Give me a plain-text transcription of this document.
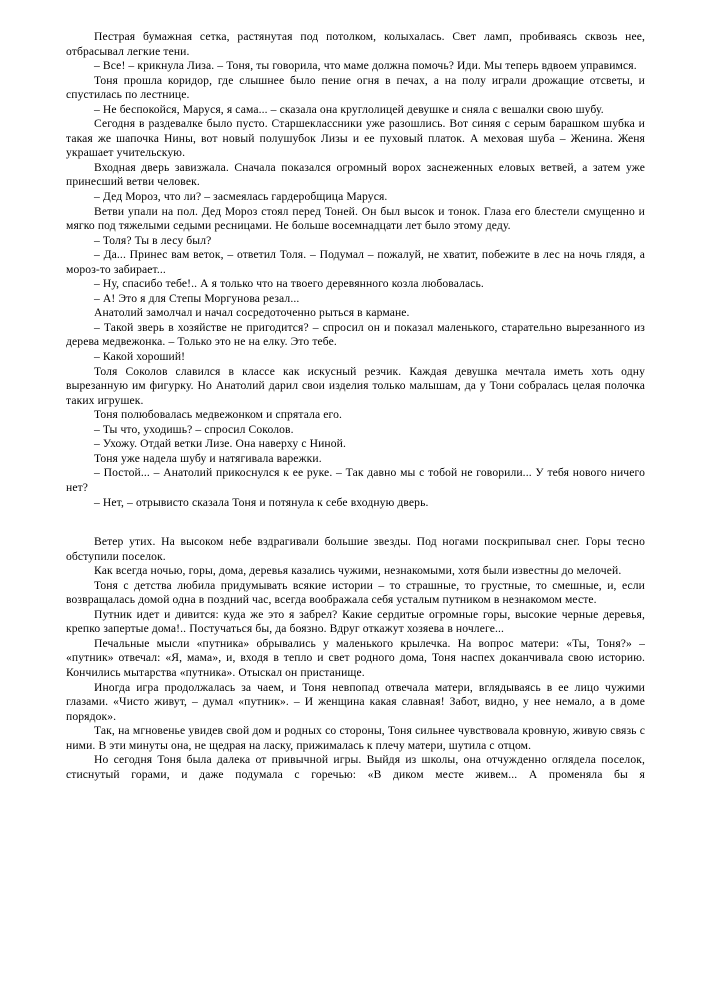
Пестрая бумажная сетка, растянутая под потолком, колыхалась. Свет ламп, пробиваясь сквозь нее, отбрасывал легкие тени.

– Все! – крикнула Лиза. – Тоня, ты говорила, что маме должна помочь? Иди. Мы теперь вдвоем управимся.

Тоня прошла коридор, где слышнее было пение огня в печах, а на полу играли дрожащие отсветы, и спустилась по лестнице.

– Не беспокойся, Маруся, я сама... – сказала она круглолицей девушке и сняла с вешалки свою шубу.

Сегодня в раздевалке было пусто. Старшеклассники уже разошлись. Вот синяя с серым барашком шубка и такая же шапочка Нины, вот новый полушубок Лизы и ее пуховый платок. А меховая шуба – Женина. Женя украшает учительскую.

Входная дверь завизжала. Сначала показался огромный ворох заснеженных еловых ветвей, а затем уже принесший ветви человек.

– Дед Мороз, что ли? – засмеялась гардеробщица Маруся.

Ветви упали на пол. Дед Мороз стоял перед Тоней. Он был высок и тонок. Глаза его блестели смущенно и мягко под тяжелыми седыми ресницами. Не больше восемнадцати лет было этому деду.

– Толя? Ты в лесу был?

– Да... Принес вам веток, – ответил Толя. – Подумал – пожалуй, не хватит, побежите в лес на ночь глядя, а мороз-то забирает...

– Ну, спасибо тебе!.. А я только что на твоего деревянного козла любовалась.

– А! Это я для Степы Моргунова резал...

Анатолий замолчал и начал сосредоточенно рыться в кармане.

– Такой зверь в хозяйстве не пригодится? – спросил он и показал маленького, старательно вырезанного из дерева медвежонка. – Только это не на елку. Это тебе.

– Какой хороший!

Толя Соколов славился в классе как искусный резчик. Каждая девушка мечтала иметь хоть одну вырезанную им фигурку. Но Анатолий дарил свои изделия только малышам, да у Тони собралась целая полочка таких игрушек.

Тоня полюбовалась медвежонком и спрятала его.

– Ты что, уходишь? – спросил Соколов.

– Ухожу. Отдай ветки Лизе. Она наверху с Ниной.

Тоня уже надела шубу и натягивала варежки.

– Постой... – Анатолий прикоснулся к ее руке. – Так давно мы с тобой не говорили... У тебя нового ничего нет?

– Нет, – отрывисто сказала Тоня и потянула к себе входную дверь.

Ветер утих. На высоком небе вздрагивали большие звезды. Под ногами поскрипывал снег. Горы тесно обступили поселок.

Как всегда ночью, горы, дома, деревья казались чужими, незнакомыми, хотя были известны до мелочей.

Тоня с детства любила придумывать всякие истории – то страшные, то грустные, то смешные, и, если возвращалась домой одна в поздний час, всегда воображала себя усталым путником в незнакомом месте.

Путник идет и дивится: куда же это я забрел? Какие сердитые огромные горы, высокие черные деревья, крепко запертые дома!.. Постучаться бы, да боязно. Вдруг откажут хозяева в ночлеге...

Печальные мысли «путника» обрывались у маленького крылечка. На вопрос матери: «Ты, Тоня?» – «путник» отвечал: «Я, мама», и, входя в тепло и свет родного дома, Тоня наспех доканчивала свою историю. Кончились мытарства «путника». Отыскал он пристанище.

Иногда игра продолжалась за чаем, и Тоня невпопад отвечала матери, вглядываясь в ее лицо чужими глазами. «Чисто живут, – думал «путник». – И женщина какая славная! Забот, видно, у нее немало, а в доме порядок».

Так, на мгновенье увидев свой дом и родных со стороны, Тоня сильнее чувствовала кровную, живую связь с ними. В эти минуты она, не щедрая на ласку, прижималась к плечу матери, шутила с отцом.

Но сегодня Тоня была далека от привычной игры. Выйдя из школы, она отчужденно оглядела поселок, стиснутый горами, и даже подумала с горечью: «В диком месте живем... А променяла бы я
